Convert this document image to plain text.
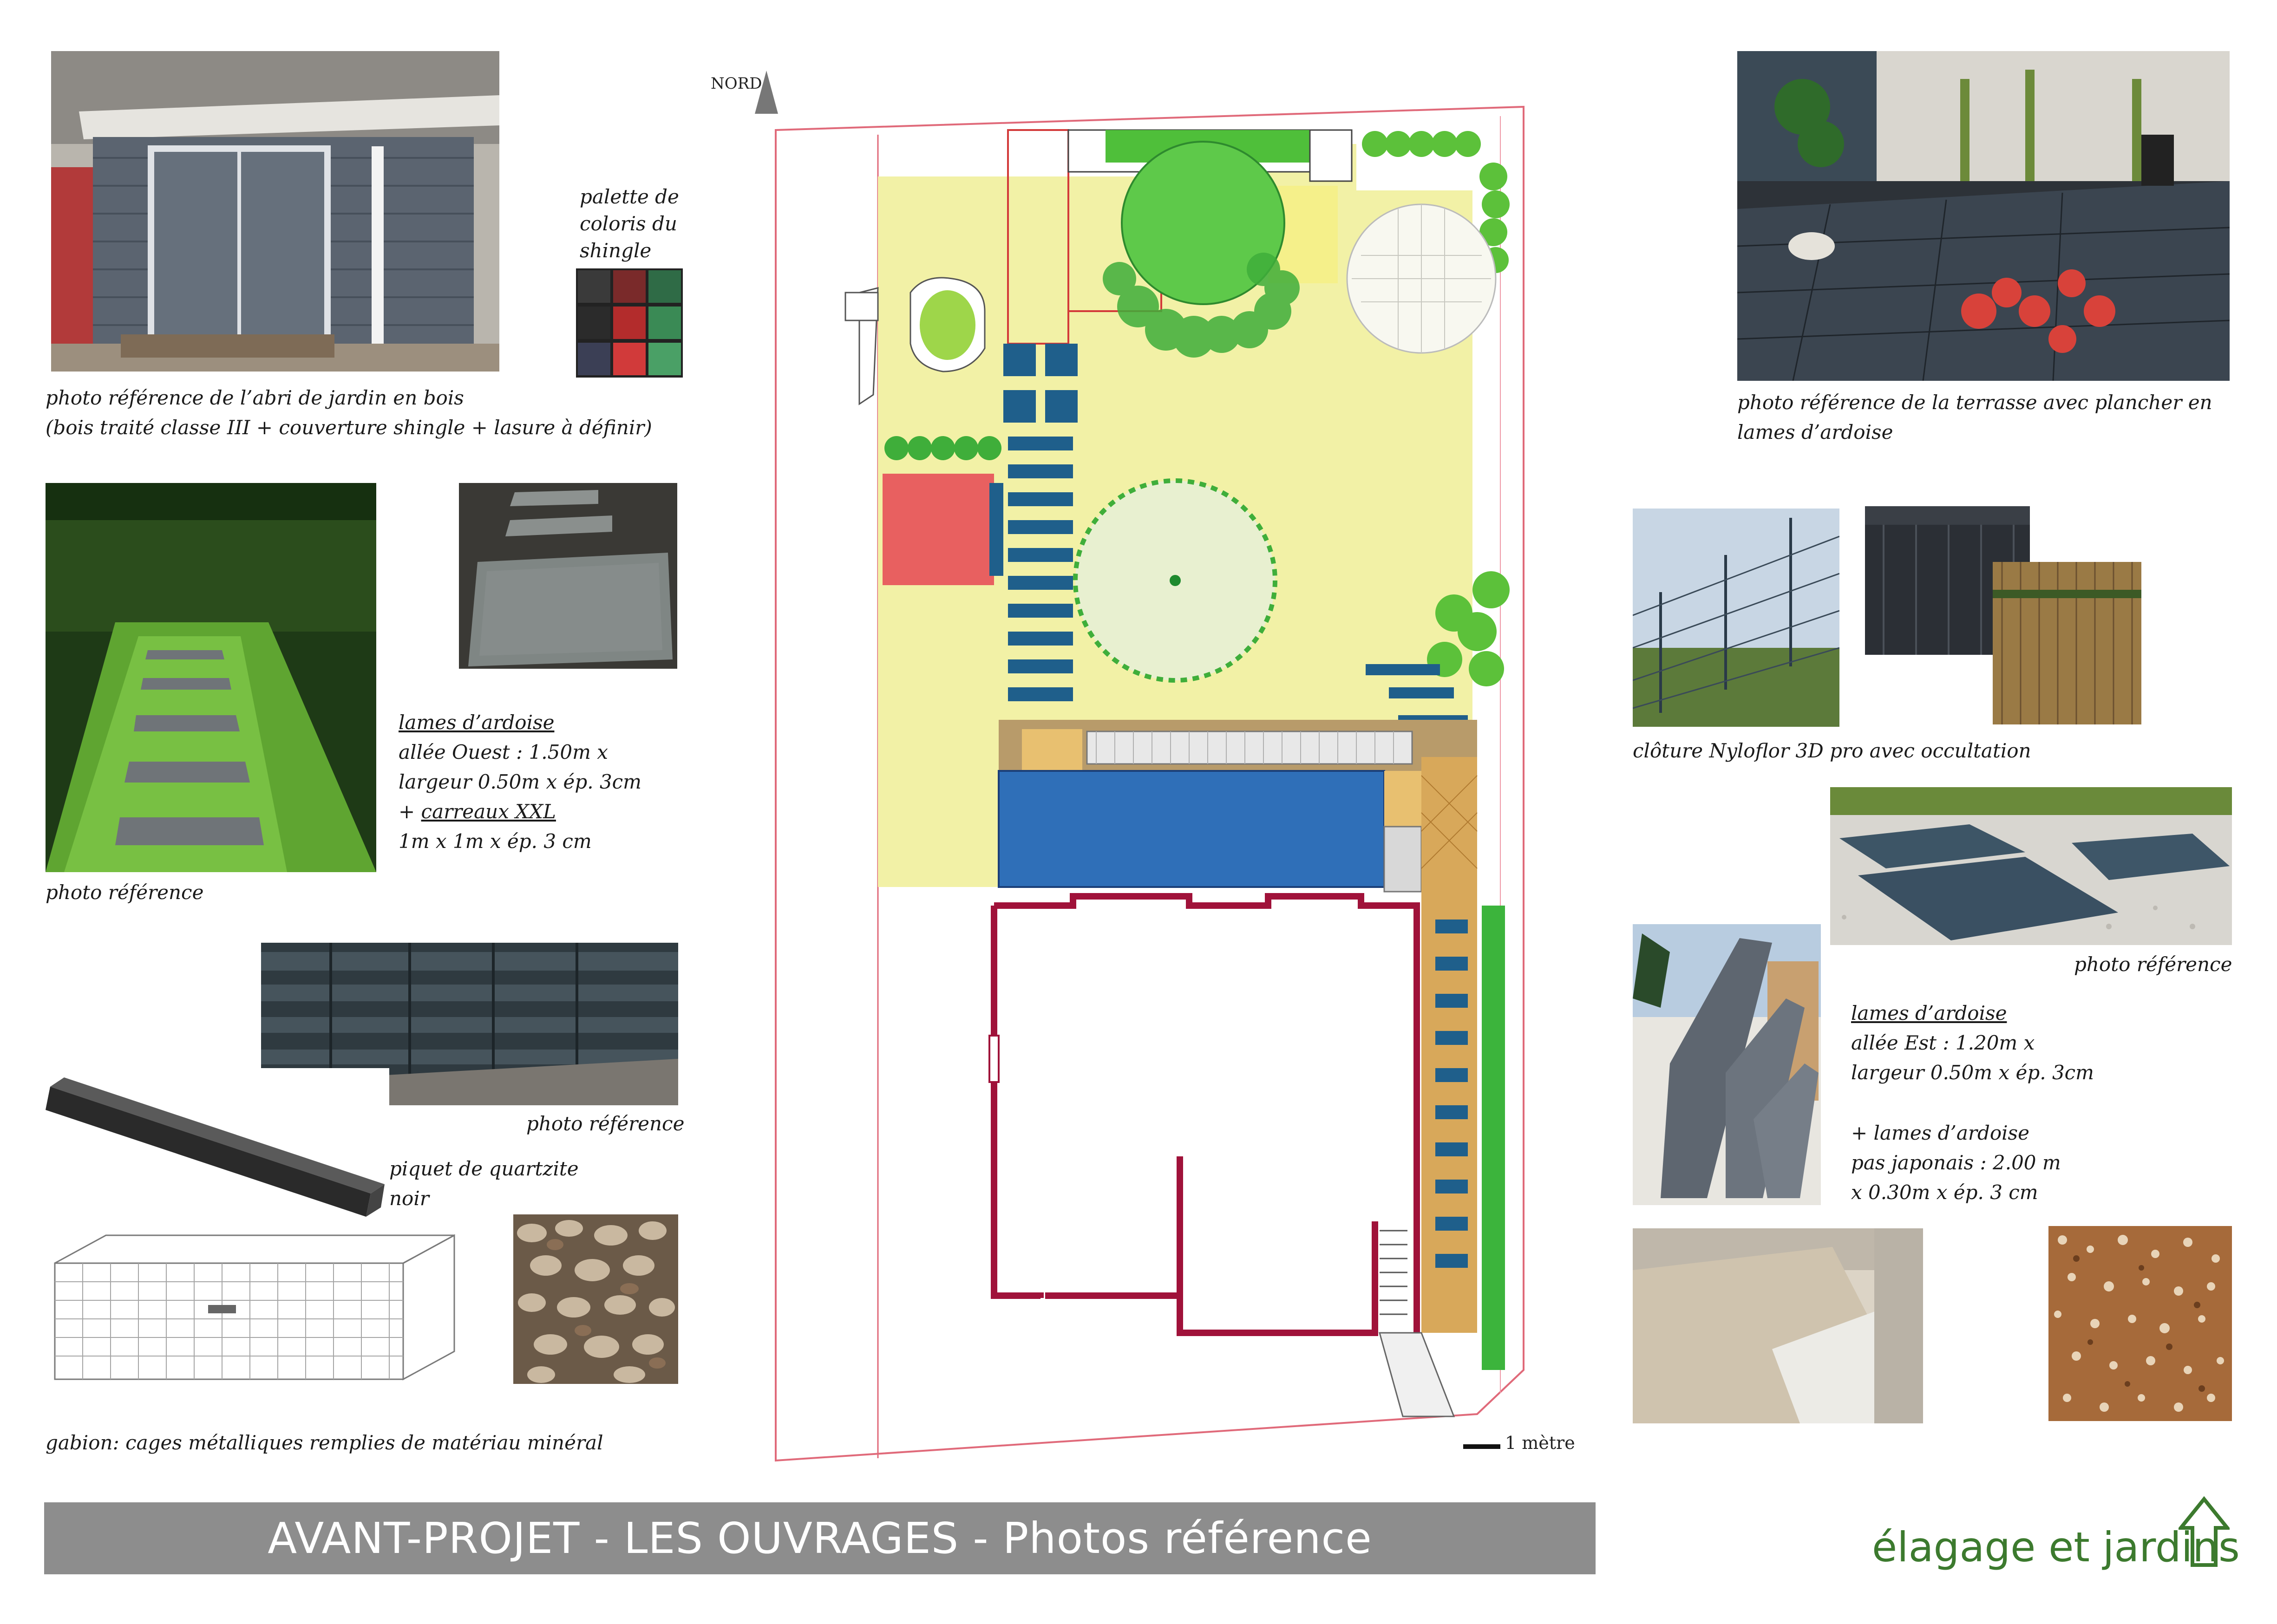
photo référence de l’abri de jardin en bois
(bois traité classe III + couverture shingle + lasure à définir)
palette de
coloris du
shingle
photo référence
lames d’ardoise
allée Ouest : 1.50m x
largeur 0.50m x ép. 3cm
+ carreaux XXL
1m x 1m x ép. 3 cm
photo référence
piquet de quartzite
noir
gabion: cages métalliques remplies de matériau minéral
NORD
1 mètre
photo référence de la terrasse avec plancher en
lames d’ardoise
clôture Nyloflor 3D pro avec occultation
photo référence
lames d’ardoise
allée Est : 1.20m x
largeur 0.50m x ép. 3cm
+ lames d’ardoise
pas japonais : 2.00 m
x 0.30m x ép. 3 cm
AVANT-PROJET - LES OUVRAGES - Photos référence	élagage et jardins
